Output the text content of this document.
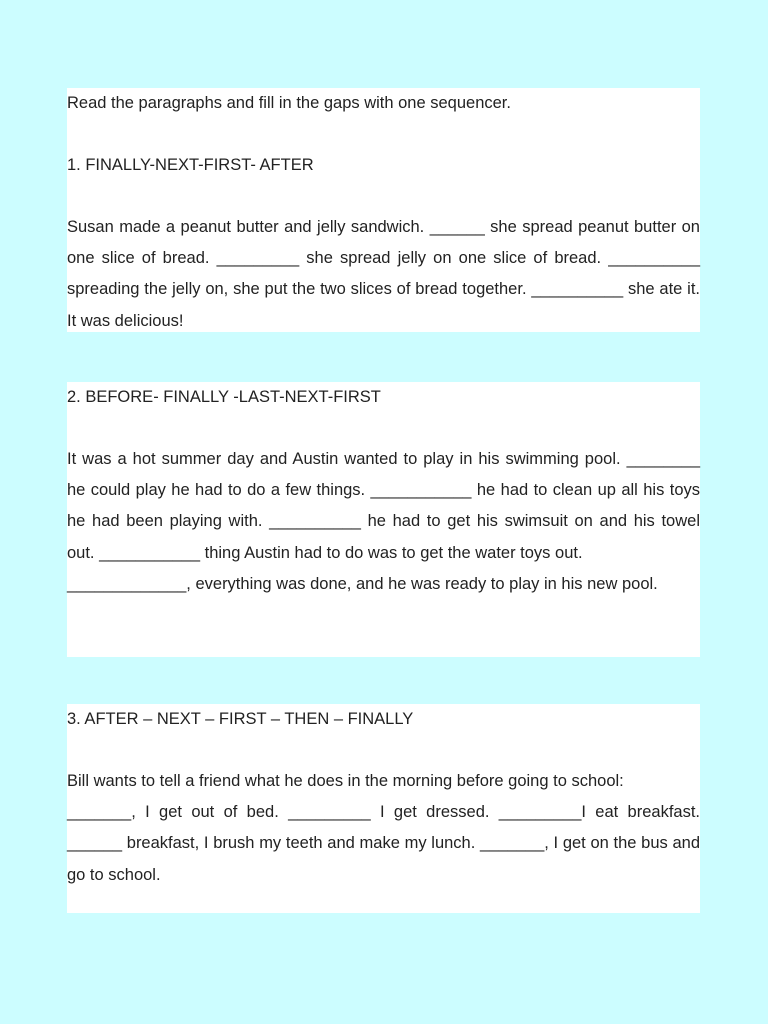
Read the paragraphs and fill in the gaps with one sequencer.

1. FINALLY-NEXT-FIRST- AFTER

Susan made a peanut butter and jelly sandwich. ______ she spread peanut butter on one slice of bread. _________ she spread jelly on one slice of bread. __________ spreading the jelly on, she put the two slices of bread together. __________ she ate it. It was delicious!

2. BEFORE- FINALLY -LAST-NEXT-FIRST

It was a hot summer day and Austin wanted to play in his swimming pool. ________ he could play he had to do a few things. ___________ he had to clean up all his toys he had been playing with. __________ he had to get his swimsuit on and his towel out. ___________ thing Austin had to do was to get the water toys out.

_____________, everything was done, and he was ready to play in his new pool.

3. AFTER – NEXT – FIRST – THEN – FINALLY

Bill wants to tell a friend what he does in the morning before going to school:

_______, I get out of bed. _________ I get dressed. _________I eat breakfast. ______ breakfast, I brush my teeth and make my lunch. _______, I get on the bus and go to school.
